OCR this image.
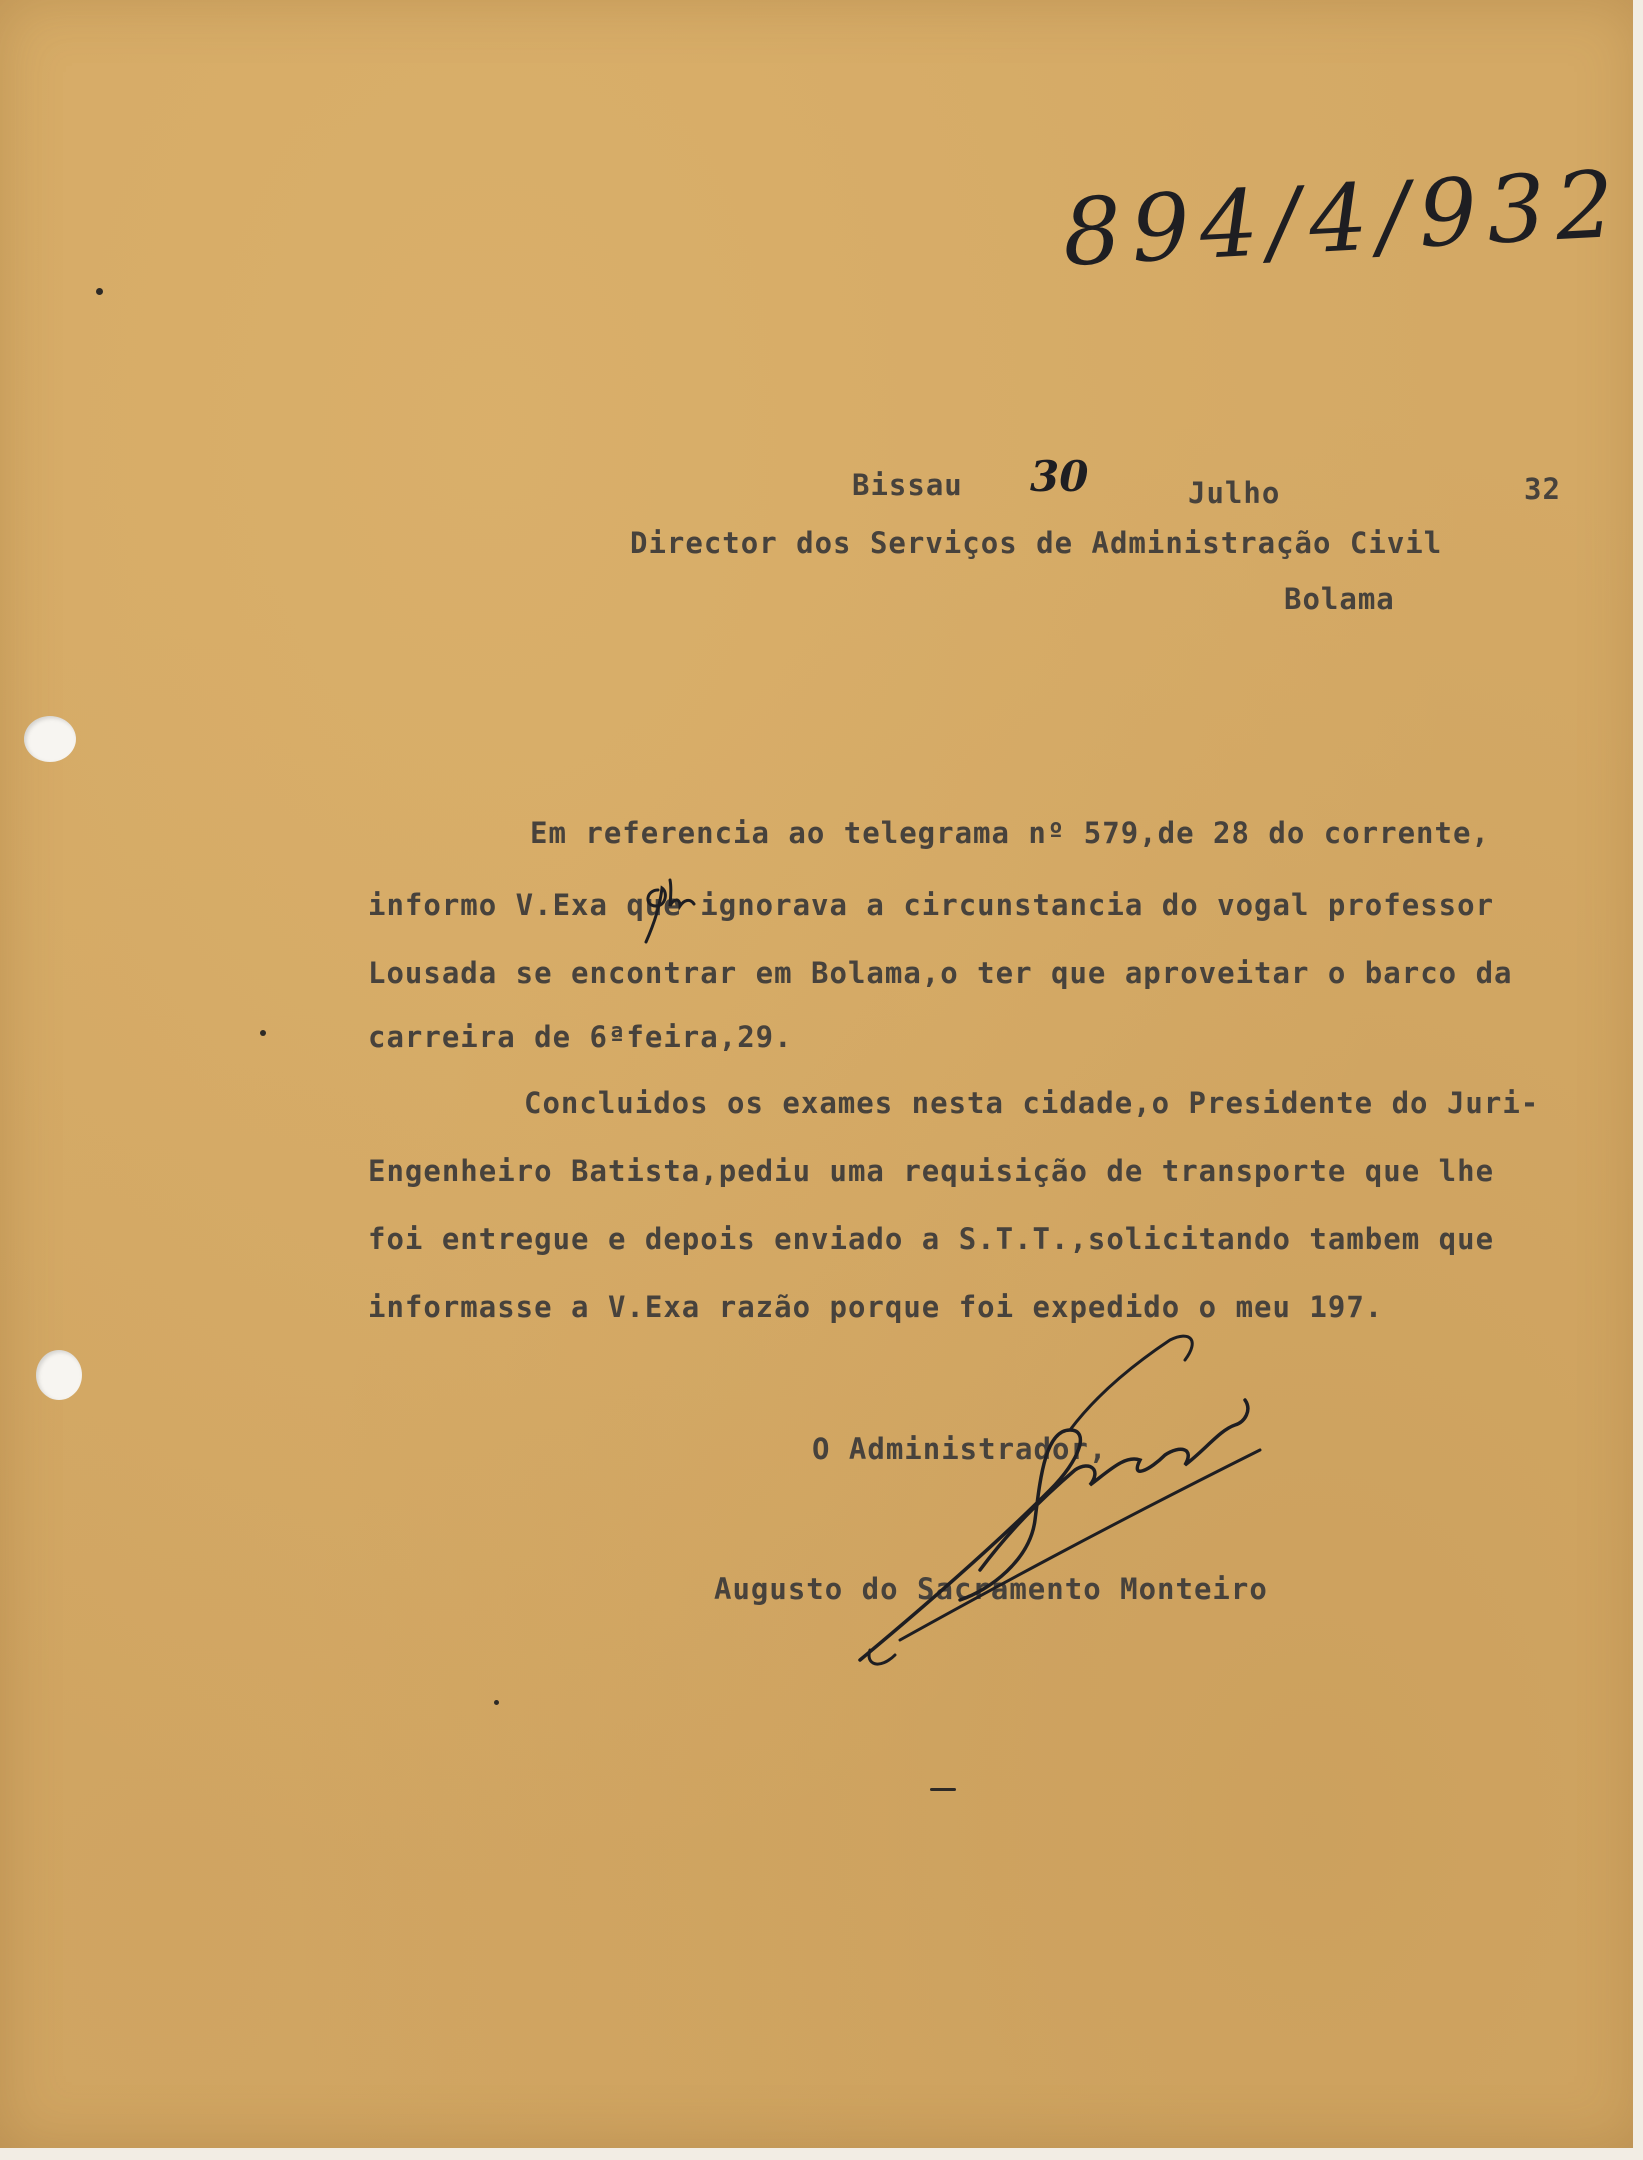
894/4/932
Bissau 30	Julho	32
Director dos Serviços de Administração Civil
Bolama
Em referencia ao telegrama nº 579,de 28 do corrente,
informo V.Exa que ignorava a circunstancia do vogal professor
Lousada se encontrar em Bolama,o ter que aproveitar o barco da
carreira de 6ªfeira,29.
Concluidos os exames nesta cidade,o Presidente do Juri-
Engenheiro Batista,pediu uma requisição de transporte que lhe
foi entregue e depois enviado a S.T.T.,solicitando tambem que
informasse a V.Exa razão porque foi expedido o meu 197.
O Administrador,
Augusto do Sacramento Monteiro
